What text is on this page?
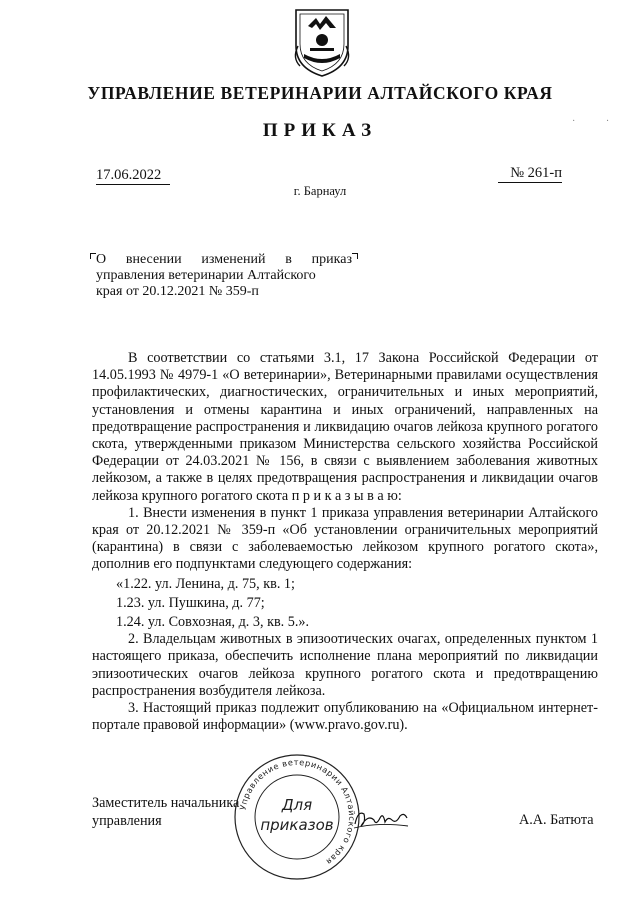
УПРАВЛЕНИЕ ВЕТЕРИНАРИИ АЛТАЙСКОГО КРАЯ
ПРИКАЗ	· ·
17.06.2022	№ 261-п
г. Барнаул
О внесении изменений в приказ
управления ветеринарии Алтайского
края от 20.12.2021 № 359-п

В соответствии со статьями 3.1, 17 Закона Российской Федерации от 14.05.1993 № 4979-1 «О ветеринарии», Ветеринарными правилами осуществления профилактических, диагностических, ограничительных и иных мероприятий, установления и отмены карантина и иных ограничений, направленных на предотвращение распространения и ликвидацию очагов лейкоза крупного рогатого скота, утвержденными приказом Министерства сельского хозяйства Российской Федерации от 24.03.2021 № 156, в связи с выявлением заболевания животных лейкозом, а также в целях предотвращения распространения и ликвидации очагов лейкоза крупного рогатого скота п р и к а з ы в а ю:

1. Внести изменения в пункт 1 приказа управления ветеринарии Алтайского края от 20.12.2021 № 359-п «Об установлении ограничительных мероприятий (карантина) в связи с заболеваемостью лейкозом крупного рогатого скота», дополнив его подпунктами следующего содержания:

«1.22. ул. Ленина, д. 75, кв. 1;
1.23. ул. Пушкина, д. 77;
1.24. ул. Совхозная, д. 3, кв. 5.».

2. Владельцам животных в эпизоотических очагах, определенных пунктом 1 настоящего приказа, обеспечить исполнение плана мероприятий по ликвидации эпизоотических очагов лейкоза крупного рогатого скота и предотвращению распространения возбудителя лейкоза.

3. Настоящий приказ подлежит опубликованию на «Официальном интернет-портале правовой информации» (www.pravo.gov.ru).

Заместитель начальника
управления
Управление ветеринарии Алтайского края
Для
приказов	А.А. Батюта
